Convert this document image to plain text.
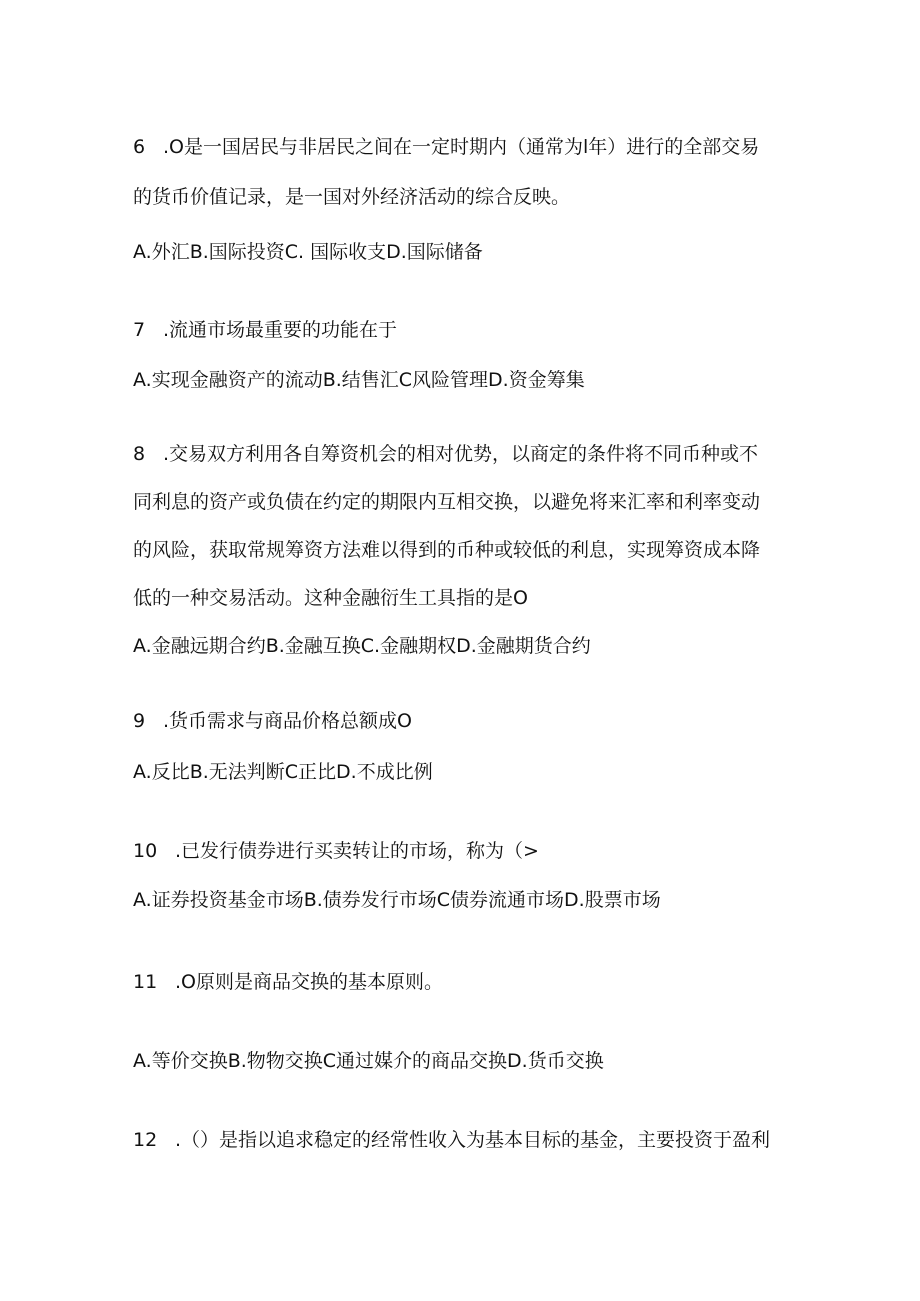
6 .O是一国居民与非居民之间在一定时期内（通常为l年）进行的全部交易
的货币价值记录，是一国对外经济活动的综合反映。
A.外汇B.国际投资C. 国际收支D.国际储备
7 .流通市场最重要的功能在于
A.实现金融资产的流动B.结售汇C风险管理D.资金筹集
8 .交易双方利用各自筹资机会的相对优势，以商定的条件将不同币种或不
同利息的资产或负债在约定的期限内互相交换，以避免将来汇率和利率变动
的风险，获取常规筹资方法难以得到的币种或较低的利息，实现筹资成本降
低的一种交易活动。这种金融衍生工具指的是O
A.金融远期合约B.金融互换C.金融期权D.金融期货合约
9 .货币需求与商品价格总额成O
A.反比B.无法判断C正比D.不成比例
10 .已发行债券进行买卖转让的市场，称为（>
A.证券投资基金市场B.债券发行市场C债券流通市场D.股票市场
11 .O原则是商品交换的基本原则。
A.等价交换B.物物交换C通过媒介的商品交换D.货币交换
12 .（）是指以追求稳定的经常性收入为基本目标的基金，主要投资于盈利
